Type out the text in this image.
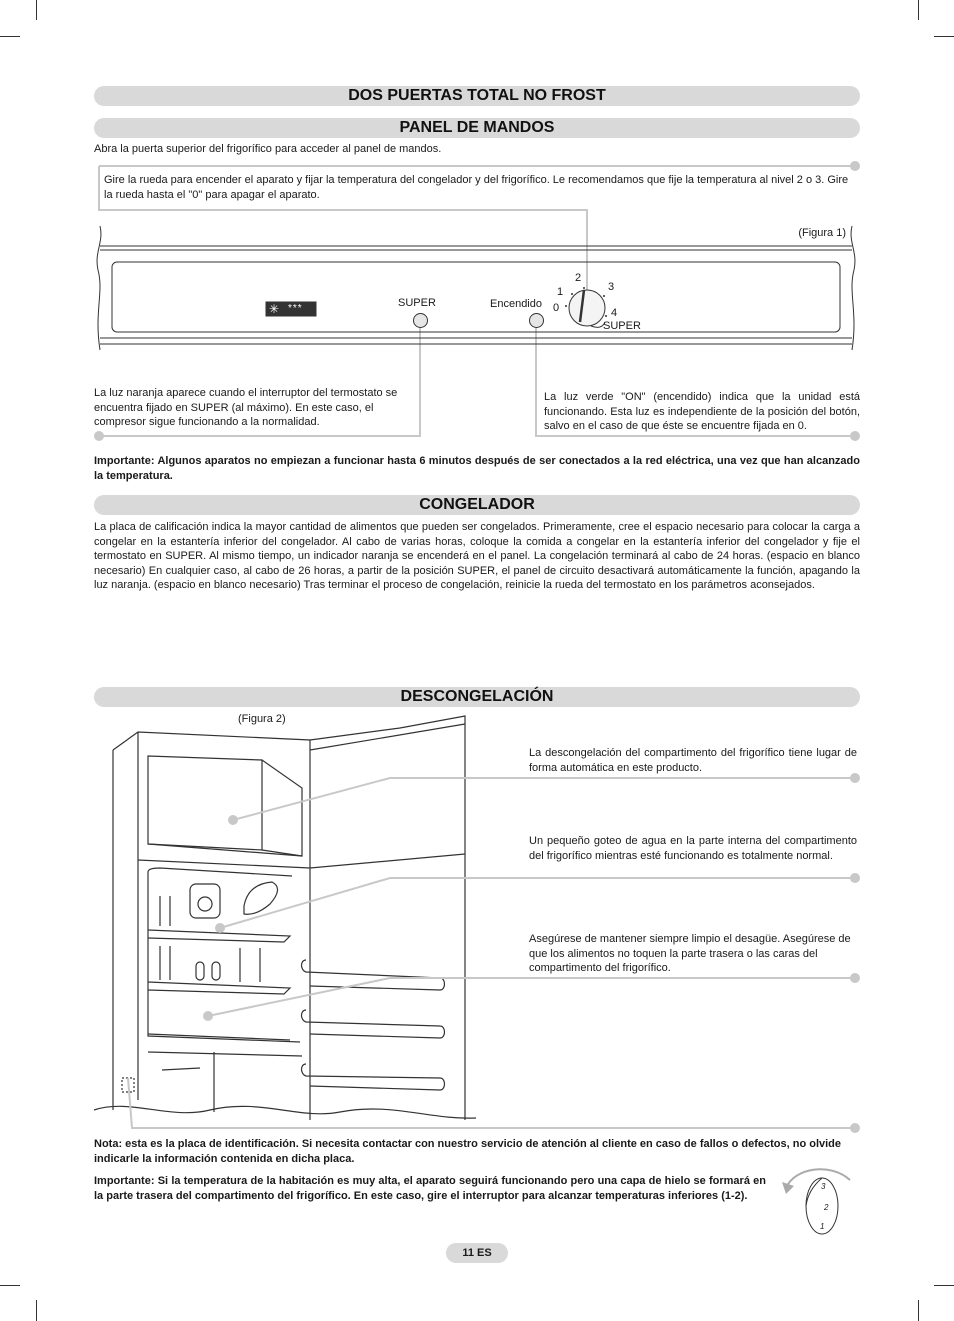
DOS PUERTAS TOTAL NO FROST
PANEL DE MANDOS
Abra la puerta superior del frigorífico para acceder al panel de mandos.
Gire la rueda para encender el aparato y fijar la temperatura del congelador y del frigorífico. Le recomendamos que fije la temperatura al nivel 2 o 3. Gire la rueda hasta el "0" para apagar el aparato.
(Figura 1)
✳ ***	SUPER	Encendido 0
1
2
3
4
SUPER
La luz naranja aparece cuando el interruptor del termostato se encuentra fijado en SUPER (al máximo). En este caso, el compresor sigue funcionando a la normalidad.
La luz verde "ON" (encendido) indica que la unidad está funcionando. Esta luz es independiente de la posición del botón, salvo en el caso de que éste se encuentre fijada en 0.
Importante: Algunos aparatos no empiezan a funcionar hasta 6 minutos después de ser conectados a la red eléctrica, una vez que han alcanzado la temperatura.
CONGELADOR
La placa de calificación indica la mayor cantidad de alimentos que pueden ser congelados. Primeramente, cree el espacio necesario para colocar la carga a congelar en la estantería inferior del congelador. Al cabo de varias horas, coloque la comida a congelar en la estantería inferior del congelador y fije el termostato en SUPER. Al mismo tiempo, un indicador naranja se encenderá en el panel. La congelación terminará al cabo de 24 horas. (espacio en blanco necesario) En cualquier caso, al cabo de 26 horas, a partir de la posición SUPER, el panel de circuito desactivará automáticamente la función, apagando la luz naranja. (espacio en blanco necesario) Tras terminar el proceso de congelación, reinicie la rueda del termostato en los parámetros aconsejados.
DESCONGELACIÓN
(Figura 2)
La descongelación del compartimento del frigorífico tiene lugar de forma automática en este producto.
Un pequeño goteo de agua en la parte interna del compartimento del frigorífico mientras esté funcionando es totalmente normal.
Asegúrese de mantener siempre limpio el desagüe. Asegúrese de que los alimentos no toquen la parte trasera o las caras del compartimento del frigorífico.
Nota: esta es la placa de identificación. Si necesita contactar con nuestro servicio de atención al cliente en caso de fallos o defectos, no olvide indicarle la información contenida en dicha placa.
Importante: Si la temperatura de la habitación es muy alta, el aparato seguirá funcionando pero una capa de hielo se formará en la parte trasera del compartimento del frigorífico. En este caso, gire el interruptor para alcanzar temperaturas inferiores (1-2).
3
2
1
11 ES
